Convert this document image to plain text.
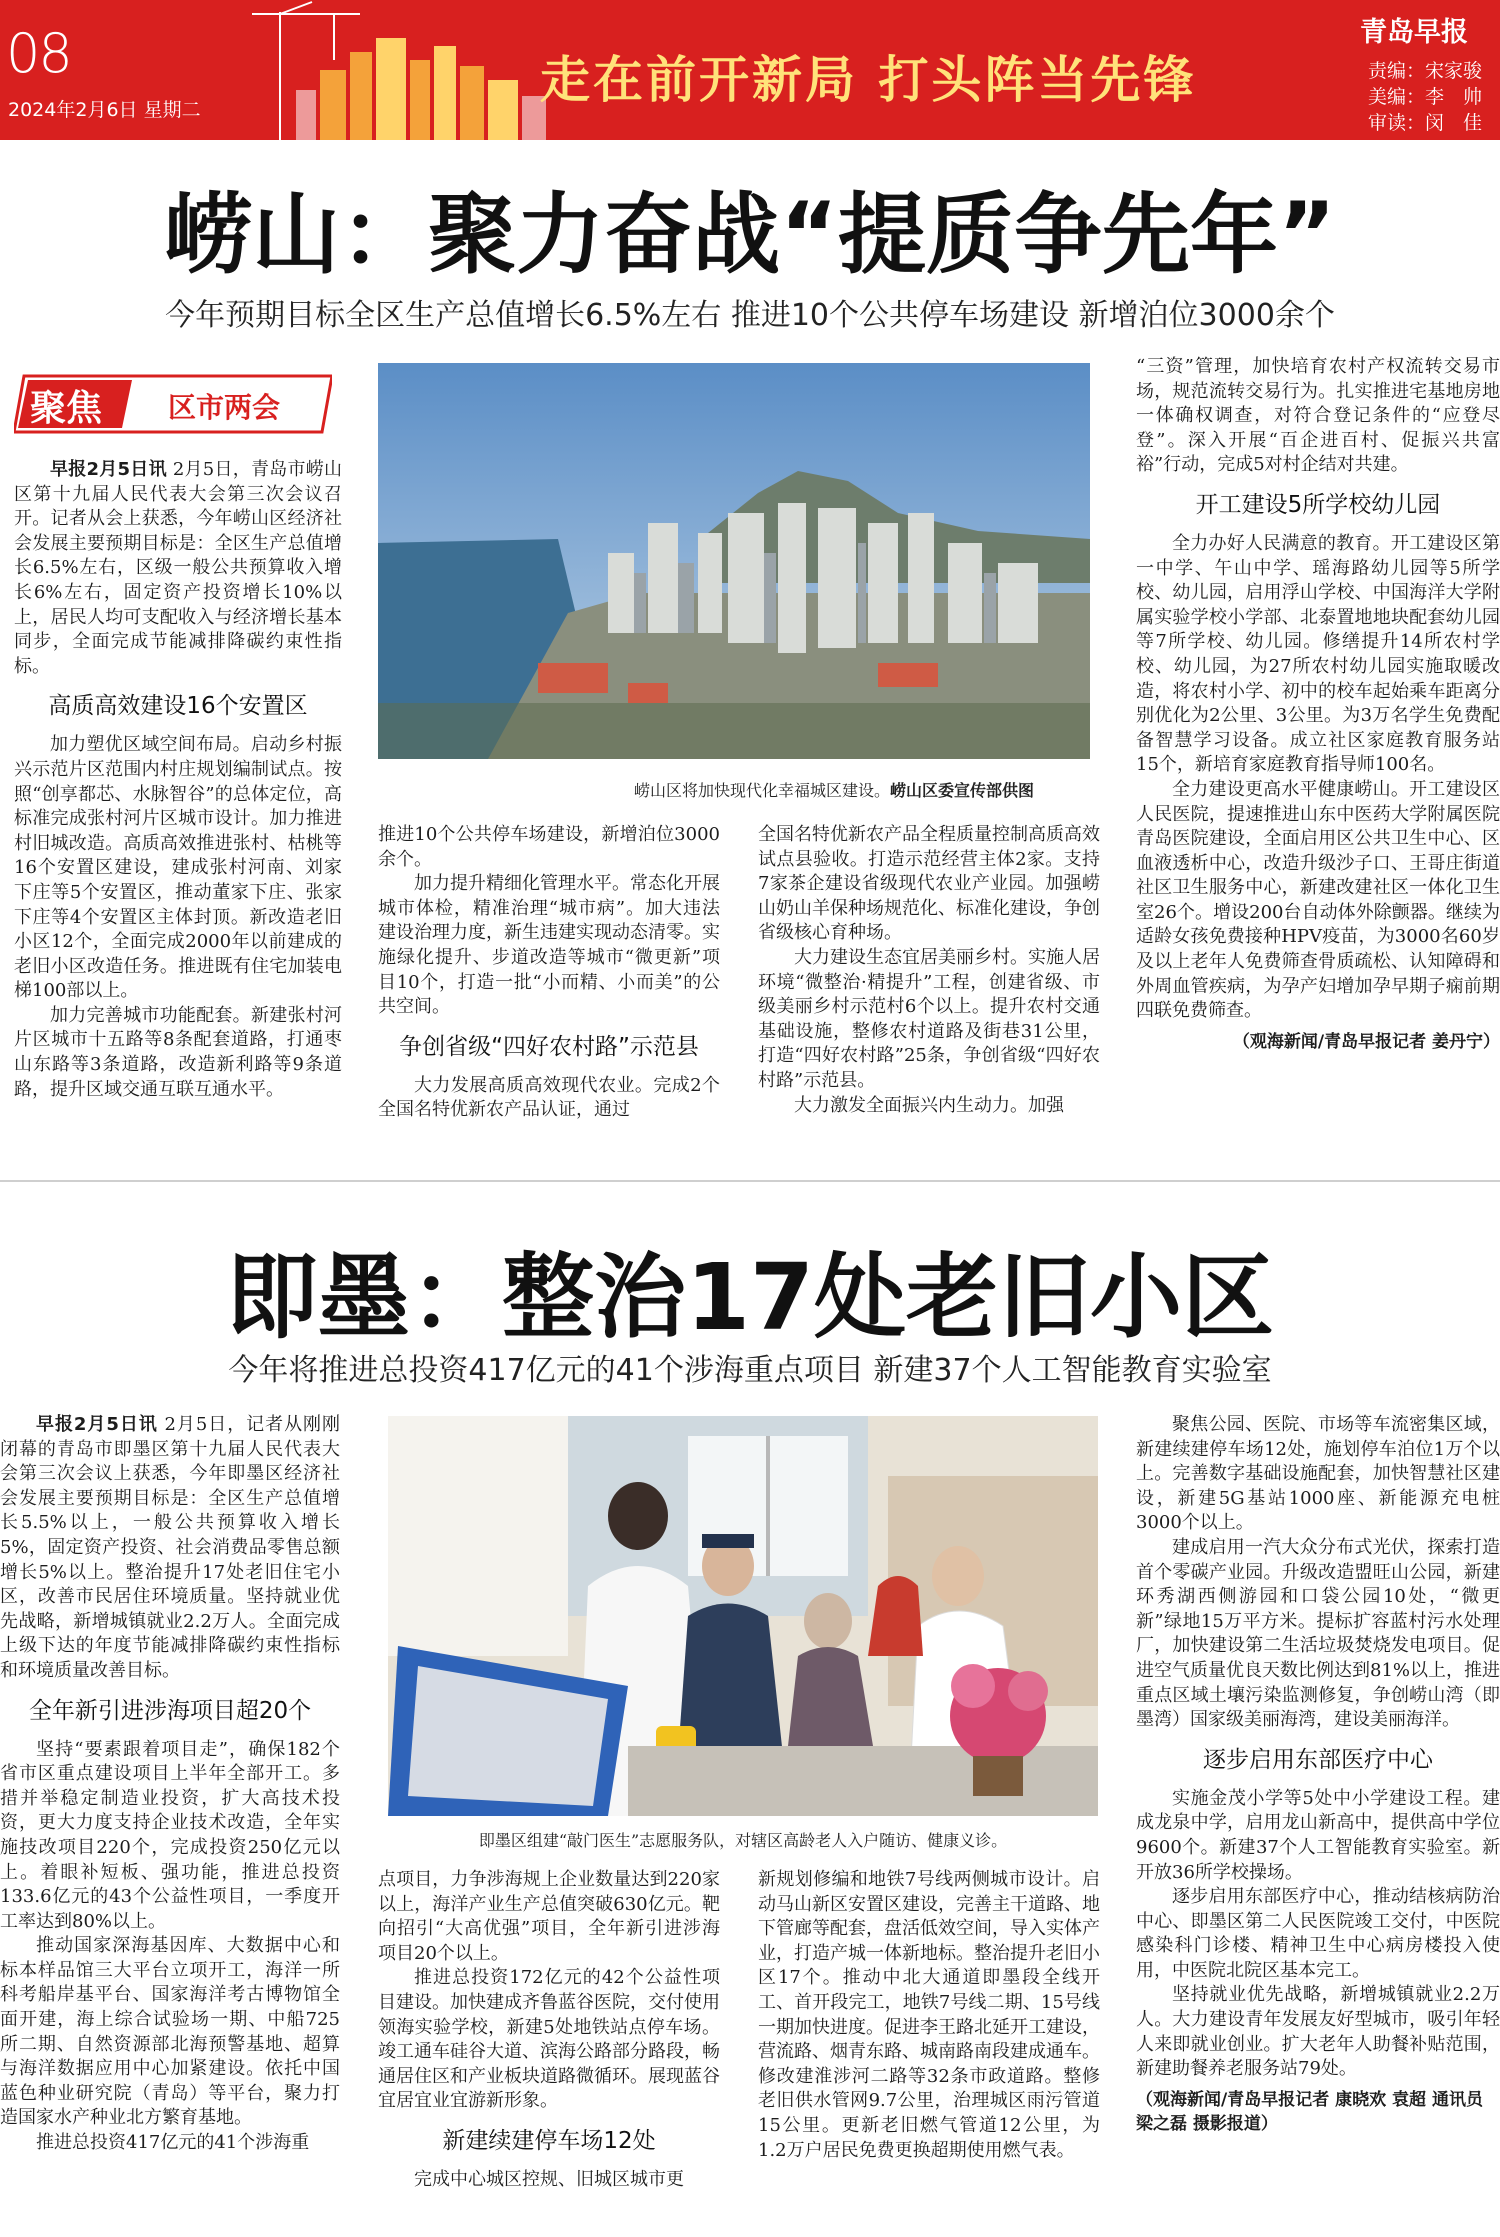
08
2024年2月6日 星期二
走在前开新局 打头阵当先锋
青岛早报
责编：宋家骏
美编：李　帅
审读：闵　佳
崂山：聚力奋战“提质争先年”
今年预期目标全区生产总值增长6.5%左右 推进10个公共停车场建设 新增泊位3000余个
聚焦 区市两会

早报2月5日讯 2月5日，青岛市崂山区第十九届人民代表大会第三次会议召开。记者从会上获悉，今年崂山区经济社会发展主要预期目标是：全区生产总值增长6.5%左右，区级一般公共预算收入增长6%左右，固定资产投资增长10%以上，居民人均可支配收入与经济增长基本同步，全面完成节能减排降碳约束性指标。

高质高效建设16个安置区

加力塑优区域空间布局。启动乡村振兴示范片区范围内村庄规划编制试点。按照“创享都芯、水脉智谷”的总体定位，高标准完成张村河片区城市设计。加力推进村旧城改造。高质高效推进张村、枯桃等16个安置区建设，建成张村河南、刘家下庄等5个安置区，推动董家下庄、张家下庄等4个安置区主体封顶。新改造老旧小区12个，全面完成2000年以前建成的老旧小区改造任务。推进既有住宅加装电梯100部以上。

加力完善城市功能配套。新建张村河片区城市十五路等8条配套道路，打通枣山东路等3条道路，改造新利路等9条道路，提升区域交通互联互通水平。

崂山区将加快现代化幸福城区建设。崂山区委宣传部供图

推进10个公共停车场建设，新增泊位3000余个。

加力提升精细化管理水平。常态化开展城市体检，精准治理“城市病”。加大违法建设治理力度，新生违建实现动态清零。实施绿化提升、步道改造等城市“微更新”项目10个，打造一批“小而精、小而美”的公共空间。

争创省级“四好农村路”示范县

大力发展高质高效现代农业。完成2个全国名特优新农产品认证，通过

全国名特优新农产品全程质量控制高质高效试点县验收。打造示范经营主体2家。支持7家茶企建设省级现代农业产业园。加强崂山奶山羊保种场规范化、标准化建设，争创省级核心育种场。

大力建设生态宜居美丽乡村。实施人居环境“微整治·精提升”工程，创建省级、市级美丽乡村示范村6个以上。提升农村交通基础设施，整修农村道路及街巷31公里，打造“四好农村路”25条，争创省级“四好农村路”示范县。

大力激发全面振兴内生动力。加强

“三资”管理，加快培育农村产权流转交易市场，规范流转交易行为。扎实推进宅基地房地一体确权调查，对符合登记条件的“应登尽登”。深入开展“百企进百村、促振兴共富裕”行动，完成5对村企结对共建。

开工建设5所学校幼儿园

全力办好人民满意的教育。开工建设区第一中学、午山中学、瑶海路幼儿园等5所学校、幼儿园，启用浮山学校、中国海洋大学附属实验学校小学部、北泰置地地块配套幼儿园等7所学校、幼儿园。修缮提升14所农村学校、幼儿园，为27所农村幼儿园实施取暖改造，将农村小学、初中的校车起始乘车距离分别优化为2公里、3公里。为3万名学生免费配备智慧学习设备。成立社区家庭教育服务站15个，新培育家庭教育指导师100名。

全力建设更高水平健康崂山。开工建设区人民医院，提速推进山东中医药大学附属医院青岛医院建设，全面启用区公共卫生中心、区血液透析中心，改造升级沙子口、王哥庄街道社区卫生服务中心，新建改建社区一体化卫生室26个。增设200台自动体外除颤器。继续为适龄女孩免费接种HPV疫苗，为3000名60岁及以上老年人免费筛查骨质疏松、认知障碍和外周血管疾病，为孕产妇增加孕早期子痫前期四联免费筛查。

（观海新闻/青岛早报记者 姜丹宁）

即墨：整治17处老旧小区
今年将推进总投资417亿元的41个涉海重点项目 新建37个人工智能教育实验室

早报2月5日讯 2月5日，记者从刚刚闭幕的青岛市即墨区第十九届人民代表大会第三次会议上获悉，今年即墨区经济社会发展主要预期目标是：全区生产总值增长5.5%以上，一般公共预算收入增长5%，固定资产投资、社会消费品零售总额增长5%以上。整治提升17处老旧住宅小区，改善市民居住环境质量。坚持就业优先战略，新增城镇就业2.2万人。全面完成上级下达的年度节能减排降碳约束性指标和环境质量改善目标。

全年新引进涉海项目超20个

坚持“要素跟着项目走”，确保182个省市区重点建设项目上半年全部开工。多措并举稳定制造业投资，扩大高技术投资，更大力度支持企业技术改造，全年实施技改项目220个，完成投资250亿元以上。着眼补短板、强功能，推进总投资133.6亿元的43个公益性项目，一季度开工率达到80%以上。

推动国家深海基因库、大数据中心和标本样品馆三大平台立项开工，海洋一所科考船岸基平台、国家海洋考古博物馆全面开建，海上综合试验场一期、中船725所二期、自然资源部北海预警基地、超算与海洋数据应用中心加紧建设。依托中国蓝色种业研究院（青岛）等平台，聚力打造国家水产种业北方繁育基地。

推进总投资417亿元的41个涉海重

即墨区组建“敲门医生”志愿服务队，对辖区高龄老人入户随访、健康义诊。

点项目，力争涉海规上企业数量达到220家以上，海洋产业生产总值突破630亿元。靶向招引“大高优强”项目，全年新引进涉海项目20个以上。

推进总投资172亿元的42个公益性项目建设。加快建成齐鲁蓝谷医院，交付使用领海实验学校，新建5处地铁站点停车场。竣工通车硅谷大道、滨海公路部分路段，畅通居住区和产业板块道路微循环。展现蓝谷宜居宜业宜游新形象。

新建续建停车场12处

完成中心城区控规、旧城区城市更

新规划修编和地铁7号线两侧城市设计。启动马山新区安置区建设，完善主干道路、地下管廊等配套，盘活低效空间，导入实体产业，打造产城一体新地标。整治提升老旧小区17个。推动中北大通道即墨段全线开工、首开段完工，地铁7号线二期、15号线一期加快进度。促进李王路北延开工建设，营流路、烟青东路、城南路南段建成通车。修改建淮涉河二路等32条市政道路。整修老旧供水管网9.7公里，治理城区雨污管道15公里。更新老旧燃气管道12公里，为1.2万户居民免费更换超期使用燃气表。

聚焦公园、医院、市场等车流密集区域，新建续建停车场12处，施划停车泊位1万个以上。完善数字基础设施配套，加快智慧社区建设，新建5G基站1000座、新能源充电桩3000个以上。

建成启用一汽大众分布式光伏，探索打造首个零碳产业园。升级改造盟旺山公园，新建环秀湖西侧游园和口袋公园10处，“微更新”绿地15万平方米。提标扩容蓝村污水处理厂，加快建设第二生活垃圾焚烧发电项目。促进空气质量优良天数比例达到81%以上，推进重点区域土壤污染监测修复，争创崂山湾（即墨湾）国家级美丽海湾，建设美丽海洋。

逐步启用东部医疗中心

实施金茂小学等5处中小学建设工程。建成龙泉中学，启用龙山新高中，提供高中学位9600个。新建37个人工智能教育实验室。新开放36所学校操场。

逐步启用东部医疗中心，推动结核病防治中心、即墨区第二人民医院竣工交付，中医院感染科门诊楼、精神卫生中心病房楼投入使用，中医院北院区基本完工。

坚持就业优先战略，新增城镇就业2.2万人。大力建设青年发展友好型城市，吸引年轻人来即就业创业。扩大老年人助餐补贴范围，新建助餐养老服务站79处。

（观海新闻/青岛早报记者 康晓欢 袁超 通讯员 梁之磊 摄影报道）
